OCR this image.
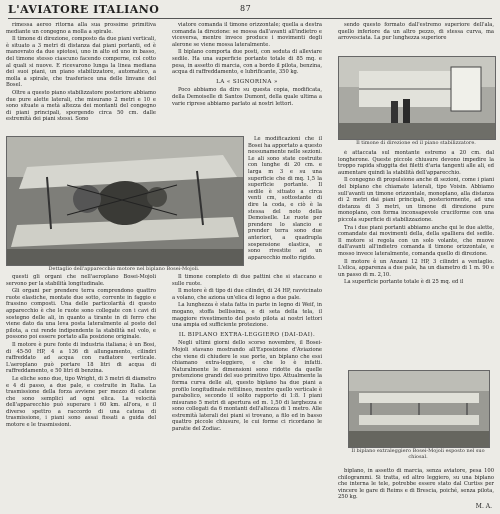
L'AVIATORE ITALIANO	87

rimessa aereo ritorna alla sua prossime primitiva mediante un congegno a molla a spirale.

Il timone di direzione, composto da due piani verticali, è situato a 3 metri di distanza dai piani portanti, ed è manovrato da due spiotosi, uno in alto ed uno in basso, del timone stesso ciascuno facendo comperne, col cotto al quali si nuove. E ricevarono lunga la linea mediana dei suoi piani, un piano stabilizzatore, automatico, a molla a spirale, che trasferisce una delle linvane del Bosel.

Oltre a questo piano stabilizzatore posteriore abbiamo due pure alette laterali, che misurano 2 metri e 10 e sono situate a metà altezza dei montanti del congegno di piani principali, sporgendo circa 50 cm. dalle estremità dei piani stessi. Sono

Dettaglio dell'apparecchio motore nel biplano Bosei-Mojoli.

questi gli organi che nell'aeroplano Bosei-Mojoli servono per la stabilità longitudinale.

Gli organi per prendere terra comprendono quattro ruote elastiche, montate due sotto, corrente in faggio e frassino composti. Una delle particolarità di questo apparecchio è che le ruote sono collegate con i cavi di sostegno delle ali, in quanto a tirante in di ferro che viene dato da una leva posta lateralmente al posto del pilota, a cui rende indipendente la stabilità nel volo, e possono poi essere portato alla posizione originale.

Il motore è pure fonte di industria italiana; è un Bosi, di 45-50 HP, 4 a 136 di allungamento, cilindri raffreddato ad acqua con radiatore verticale. L'aeroplano può portare 18 litri di acqua di raffreddamento, e 50 litri di benzina.

Le eliche sono due, tipo Wright, di 3 metri di diametro e 4 di passo, a due pale, e costruite in Italia. La trasmissione della forza avviene per mezzo di catene che sono semplici ad ogni elica. La velocità dell'apparecchio può superare i 60 km. all'ora, e il diverso spettro a raccordo di una catena di trasmissione, i piani sono assai fissati a guida del motore e le trasmissioni.

viatore comanda il timone orizzontale; quella a destra comanda la direzione: se mossa dall'avanti all'indietro e viceversa, mentre invece produce i movimenti degli alerone se viene mossa lateralmente.

Il biplano comporta due posti, con seduta di alleviare sedile. Ha una superficie portante totale di 85 mq. e pesa, in assetto di marcia, con a bordo il pilota, benzina, acqua di raffreddamento, e lubrificante, 350 kg.

LA « SIGNORINA »

Poco abbiamo da dire su questa copia, modificata, della Demoiselle di Santos Dumont, della quale ultima a varie riprese abbiamo parlato ai nostri lettori.

Le modificazioni che il Bosei ha apportato a questo nessunamente nelle sezioni. Le ali sono state costruite con lunghe di 20 cm. e larga m 3 e su una superficie che di mq. 1,5 la superficie portante. Il sedile è situato a circa venti cm, sottostante di dire la coda, e ciò è la stessa del noto della Demoiselle. Le ruote per prendere lo slancio e prender terra sono due anteriori, a quadrupla sospensione elastica, e sono rivestite ad un apparecchio molto rigido.

Il timone completo di due pattini che si staccano e sulle ruote.

Il motore è di tipo di due cilindri, di 24 HP, ravvicinato a volano, che aziona un'elica di legno a due pale.

La lunghezza è stata fatta in parte in legno di Weif, in mogano, stoffa bellissima, e di seta della tela, il maggiore rivestimento del posto pilota ai nostri lettori una ampia ed sufficiente protezione.

IL BIPLANO EXTRA-LEGGIERO (DAI-DAI).

Negli ultimi giorni dello scorso novembre, il Bosei-Mojoli stavano mostrando all'Esposizione d'Aviazione che viene di chiudere le sue porte, un biplano che essi chiamano extra-leggiero, e che lo è infatti. Naturalmente le dimensioni sono ridotte da quelle pretenzione grandi del suo primitivo tipo. Attualmente la forma curva delle ali, questo biplano ha due piani a profilo longitudinale rettilineo, mentre quello verticale è parabolico, secondo il solito rapporto di 1:8. I piani misurano 5 metri di apertura ed m. 1,50 di larghezza e sono collegati da 6 montanti dell'altezza di 1 metro. Alle estremità laterali dei piani si trovano, a filo ed in basso quattro piccole chiusure, le cui forme ci ricordano le paratie del Zodiac.

sendo questo formato dall'estremo superiore dell'ala, quello inferiore da un altro pezzo, di stessa curva, ma arrovesciata. La pur lunghezza superiore

Il timone di direzione ed il piano stabilizzatore.

è attaccata sul montante estremo a 20 cm. dal longherone. Queste piccole chiusure devono impedire la troppo rapida sfuggita dei filetti d'aria tangenti alle ali, ed aumentare quindi la stabilità dell'apparecchio.

Il congegno di propulsione anche di sezioni, come i piani del biplano che chiamate laterali, tipo Voisin. Abbiamo sull'avanti un timone orizzontale, monoplano, alla distanza di 2 metri dai piani principali, posteriormente, ad una distanza di 3 metri, un timone di direzione pure monoplano, con forma inconsapevole cruciforme con una piccola superficie di stabilizzazione.

Tra i due piani portanti abbiamo anche qui le due alette, comandate dai movimenti della, della spalliera del sedile. Il motore si regola con un solo volante, che muove dall'avanti all'indietro comanda il timone orizzontale, e mosso invece lateralmente, comanda quello di direzione.

Il motore è un Anzani 12 HP, 3 cilindri a ventaglio. L'elica, apparenza a due pale, ha un diametro di 1 m. 90 e un passo di m. 2,10.

La superficie portante totale è di 25 mq. ed il

Il biplano extraleggiero Bosei-Mojoli esposto nel suo chiosal.

biplano, in assetto di marcia, senza aviatore, pesa 100 chilogrammi. Si tratta, ed altro leggiero, su una biplano che interna le tele, potrebbe essere stato dal Curtiss per vincere le gare di Reims e di Brescia, poiché, senza pilota, 250 kg.

M. A.
